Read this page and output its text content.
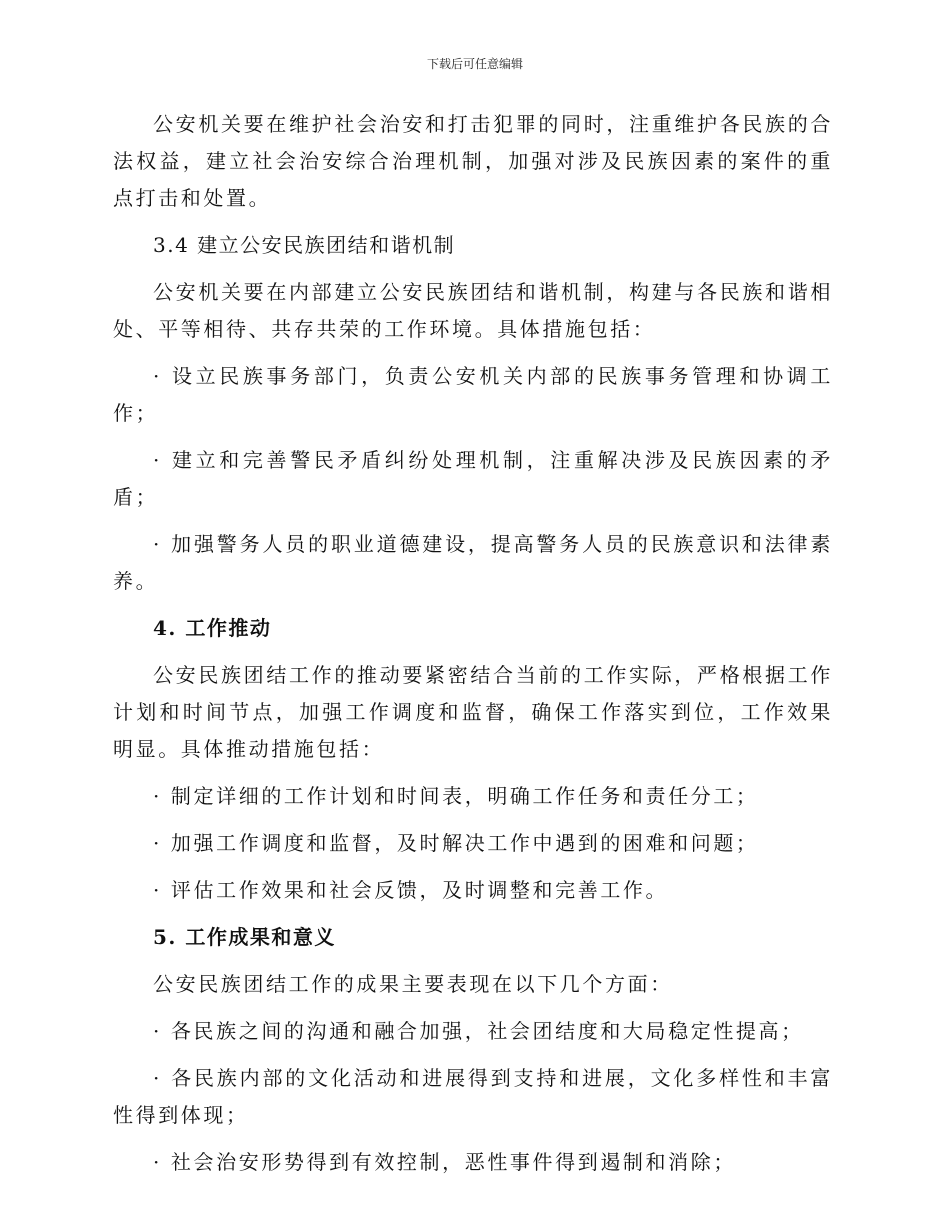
下载后可任意编辑

公安机关要在维护社会治安和打击犯罪的同时，注重维护各民族的合法权益，建立社会治安综合治理机制，加强对涉及民族因素的案件的重点打击和处置。

3.4 建立公安民族团结和谐机制

公安机关要在内部建立公安民族团结和谐机制，构建与各民族和谐相处、平等相待、共存共荣的工作环境。具体措施包括：

· 设立民族事务部门，负责公安机关内部的民族事务管理和协调工作；

· 建立和完善警民矛盾纠纷处理机制，注重解决涉及民族因素的矛盾；

· 加强警务人员的职业道德建设，提高警务人员的民族意识和法律素养。

4. 工作推动

公安民族团结工作的推动要紧密结合当前的工作实际，严格根据工作计划和时间节点，加强工作调度和监督，确保工作落实到位，工作效果明显。具体推动措施包括：

· 制定详细的工作计划和时间表，明确工作任务和责任分工；

· 加强工作调度和监督，及时解决工作中遇到的困难和问题；

· 评估工作效果和社会反馈，及时调整和完善工作。

5. 工作成果和意义

公安民族团结工作的成果主要表现在以下几个方面：

· 各民族之间的沟通和融合加强，社会团结度和大局稳定性提高；

· 各民族内部的文化活动和进展得到支持和进展，文化多样性和丰富性得到体现；

· 社会治安形势得到有效控制，恶性事件得到遏制和消除；
